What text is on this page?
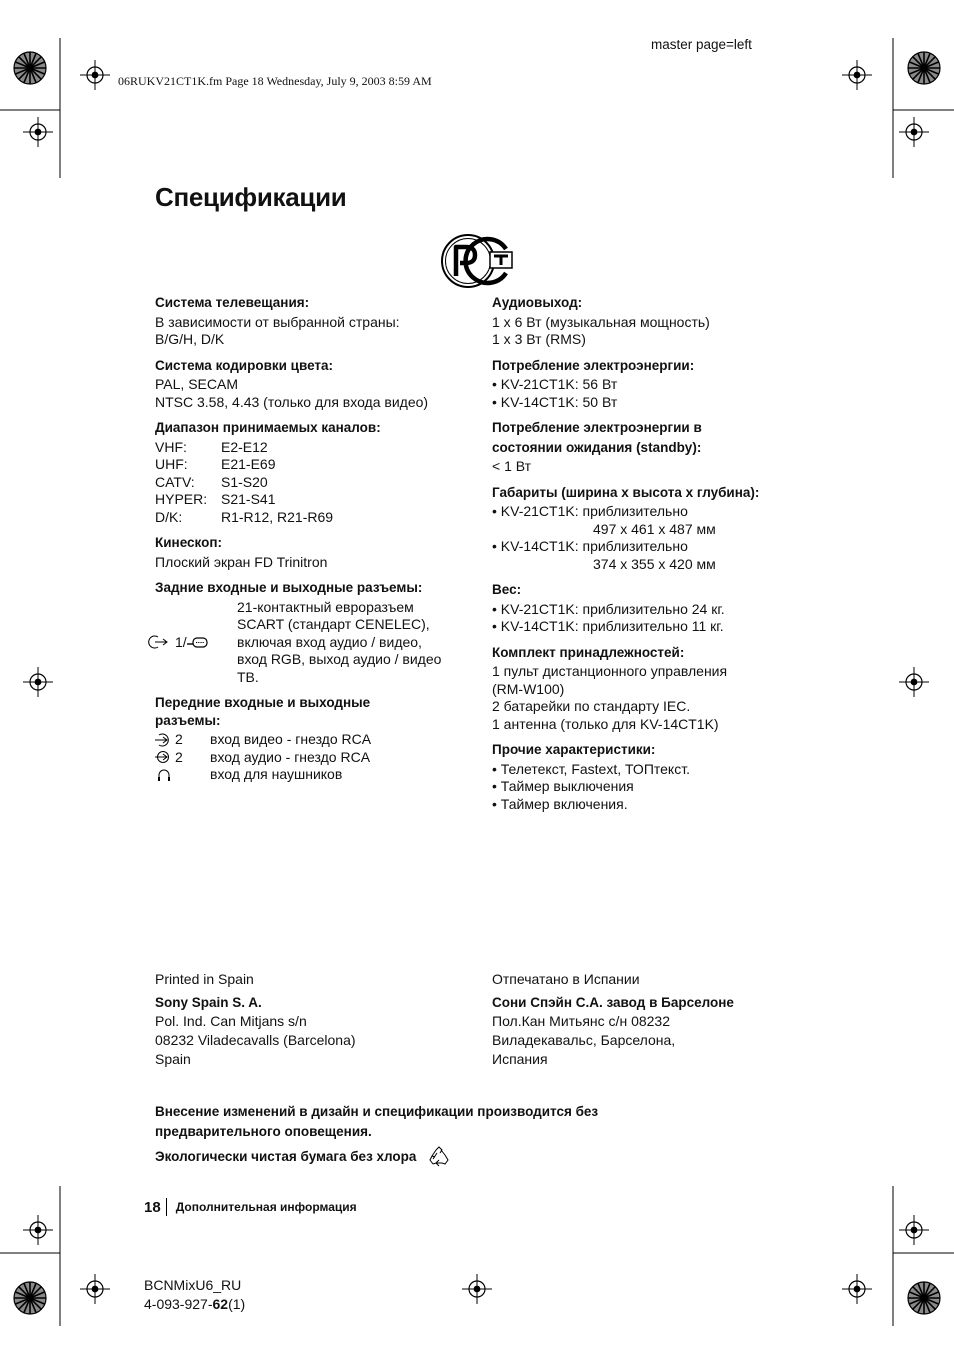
master page=left
06RUKV21CT1K.fm Page 18 Wednesday, July 9, 2003 8:59 AM
Спецификации
Система телевещания:
В зависимости от выбранной страны:
B/G/H, D/K
Система кодировки цвета:
PAL, SECAM
NTSC 3.58, 4.43 (только для входа видео)
Диапазон принимаемых каналов:
VHF:	E2-E12
UHF:	E21-E69
CATV:	S1-S20
HYPER: S21-S41
D/K:	R1-R12, R21-R69
Кинескоп:
Плоский экран FD Trinitron
Задние входные и выходные разъемы:
1/
21-контактный евроразъем
SCART (стандарт CENELEC),
включая вход аудио / видео,
вход RGB, выход аудио / видео
ТВ.
Передние входные и выходные
разъемы:
2 вход видео - гнездо RCA
2 вход аудио - гнездо RCA
вход для наушников
Аудиовыход:
1 x 6 Вт (музыкальная мощность)
1 x 3 Вт (RMS)
Потребление электроэнергии:
• KV-21CT1K: 56 Вт
• KV-14CT1K: 50 Вт
Потребление электроэнергии в
состоянии ожидания (standby):
< 1 Вт
Габариты (ширина x высота x глубина):
• KV-21CT1K: приблизительно
497 x 461 x 487 мм
• KV-14CT1K: приблизительно
374 x 355 x 420 мм
Вес:
• KV-21CT1K: приблизительно 24 кг.
• KV-14CT1K: приблизительно 11 кг.
Комплект принадлежностей:
1 пульт дистанционного управления
(RM-W100)
2 батарейки по стандарту IEC.
1 антенна (только для KV-14CT1K)
Прочие характеристики:
• Телетекст, Fastext, ТОПтекст.
• Таймер выключения
• Таймер включения.
Printed in Spain
Sony Spain S. A.
Pol. Ind. Can Mitjans s/n
08232 Viladecavalls (Barcelona)
Spain
Отпечатано в Испании
Сони Спэйн С.А. завод в Барселоне
Пол.Кан Митьянс с/н 08232
Виладекавальс, Барселона,
Испания
Внесение изменений в дизайн и спецификации производится без
предварительного оповещения.
Экологически чистая бумага без хлора
18 Дополнительная информация
BCNMixU6_RU
4-093-927-62(1)
